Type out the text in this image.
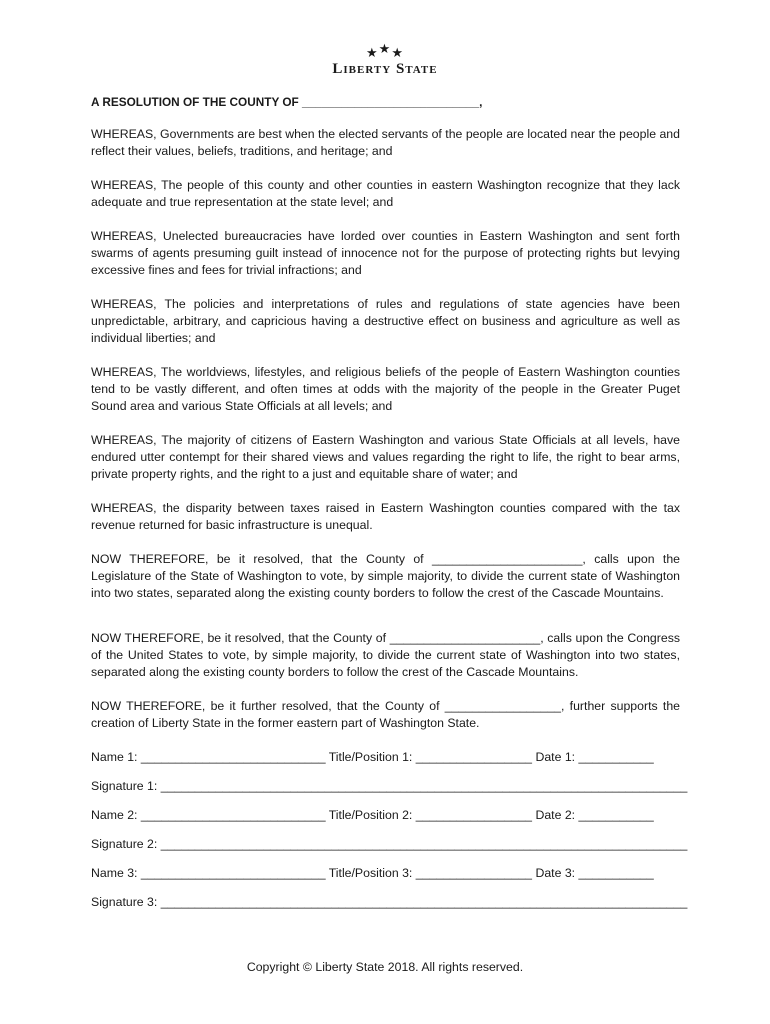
★★★
Liberty State
A RESOLUTION OF THE COUNTY OF ___________________________,

WHEREAS, Governments are best when the elected servants of the people are located near the people and reflect their values, beliefs, traditions, and heritage; and

WHEREAS, The people of this county and other counties in eastern Washington recognize that they lack adequate and true representation at the state level; and

WHEREAS, Unelected bureaucracies have lorded over counties in Eastern Washington and sent forth swarms of agents presuming guilt instead of innocence not for the purpose of protecting rights but levying excessive fines and fees for trivial infractions; and

WHEREAS, The policies and interpretations of rules and regulations of state agencies have been unpredictable, arbitrary, and capricious having a destructive effect on business and agriculture as well as individual liberties; and

WHEREAS, The worldviews, lifestyles, and religious beliefs of the people of Eastern Washington counties tend to be vastly different, and often times at odds with the majority of the people in the Greater Puget Sound area and various State Officials at all levels; and

WHEREAS, The majority of citizens of Eastern Washington and various State Officials at all levels, have endured utter contempt for their shared views and values regarding the right to life, the right to bear arms, private property rights, and the right to a just and equitable share of water; and

WHEREAS, the disparity between taxes raised in Eastern Washington counties compared with the tax revenue returned for basic infrastructure is unequal.

NOW THEREFORE, be it resolved, that the County of ______________________, calls upon the Legislature of the State of Washington to vote, by simple majority, to divide the current state of Washington into two states, separated along the existing county borders to follow the crest of the Cascade Mountains.

NOW THEREFORE, be it resolved, that the County of ______________________, calls upon the Congress of the United States to vote, by simple majority, to divide the current state of Washington into two states, separated along the existing county borders to follow the crest of the Cascade Mountains.

NOW THEREFORE, be it further resolved, that the County of _________________, further supports the creation of Liberty State in the former eastern part of Washington State.

Name 1: ___________________________ Title/Position 1: _________________ Date 1: ___________
Signature 1: _____________________________________________________________________________
Name 2: ___________________________ Title/Position 2: _________________ Date 2: ___________
Signature 2: _____________________________________________________________________________
Name 3: ___________________________ Title/Position 3: _________________ Date 3: ___________
Signature 3: _____________________________________________________________________________
Copyright © Liberty State 2018. All rights reserved.
